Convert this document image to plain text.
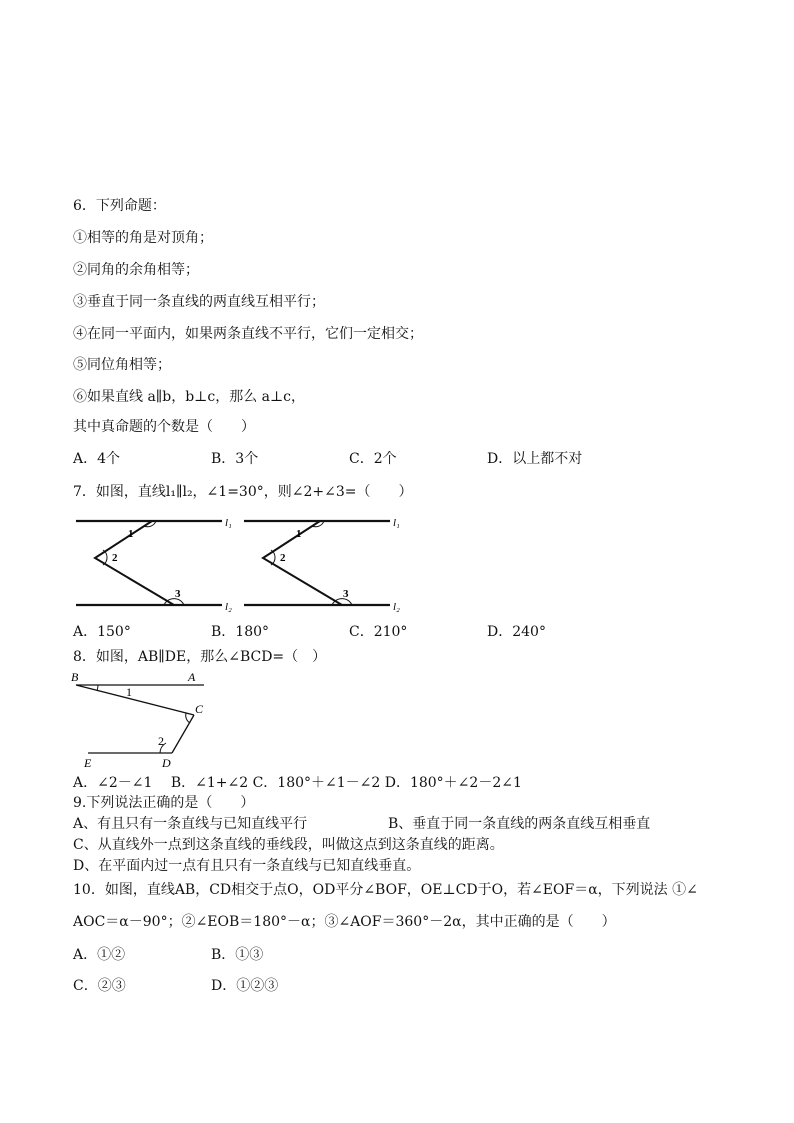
6．下列命题：
①相等的角是对顶角；
②同角的余角相等；
③垂直于同一条直线的两直线互相平行；
④在同一平面内，如果两条直线不平行，它们一定相交；
⑤同位角相等；
⑥如果直线 a∥b，b⊥c，那么 a⊥c，
其中真命题的个数是（　　）
A．4个	B．3个	C．2个	D．以上都不对
7．如图，直线l₁∥l₂，∠1=30°，则∠2+∠3=（　　）
1
2
3
l₁
l₂
1
2
3
l₁
l₂
A．150°	B．180°	C．210°	D．240°
8．如图，AB∥DE，那么∠BCD=（　）
B	A
C
D
E
1
2
A．∠2－∠1　 B．∠1+∠2 C．180°＋∠1－∠2 D．180°＋∠2－2∠1
9.下列说法正确的是（　　）
A、有且只有一条直线与已知直线平行	B、垂直于同一条直线的两条直线互相垂直
C、从直线外一点到这条直线的垂线段，叫做这点到这条直线的距离。
D、在平面内过一点有且只有一条直线与已知直线垂直。
10．如图，直线AB，CD相交于点O，OD平分∠BOF，OE⊥CD于O，若∠EOF＝α，下列说法 ①∠
AOC＝α－90°；②∠EOB＝180°－α；③∠AOF＝360°－2α，其中正确的是（　　）
A．①②	B．①③
C．②③	D．①②③
